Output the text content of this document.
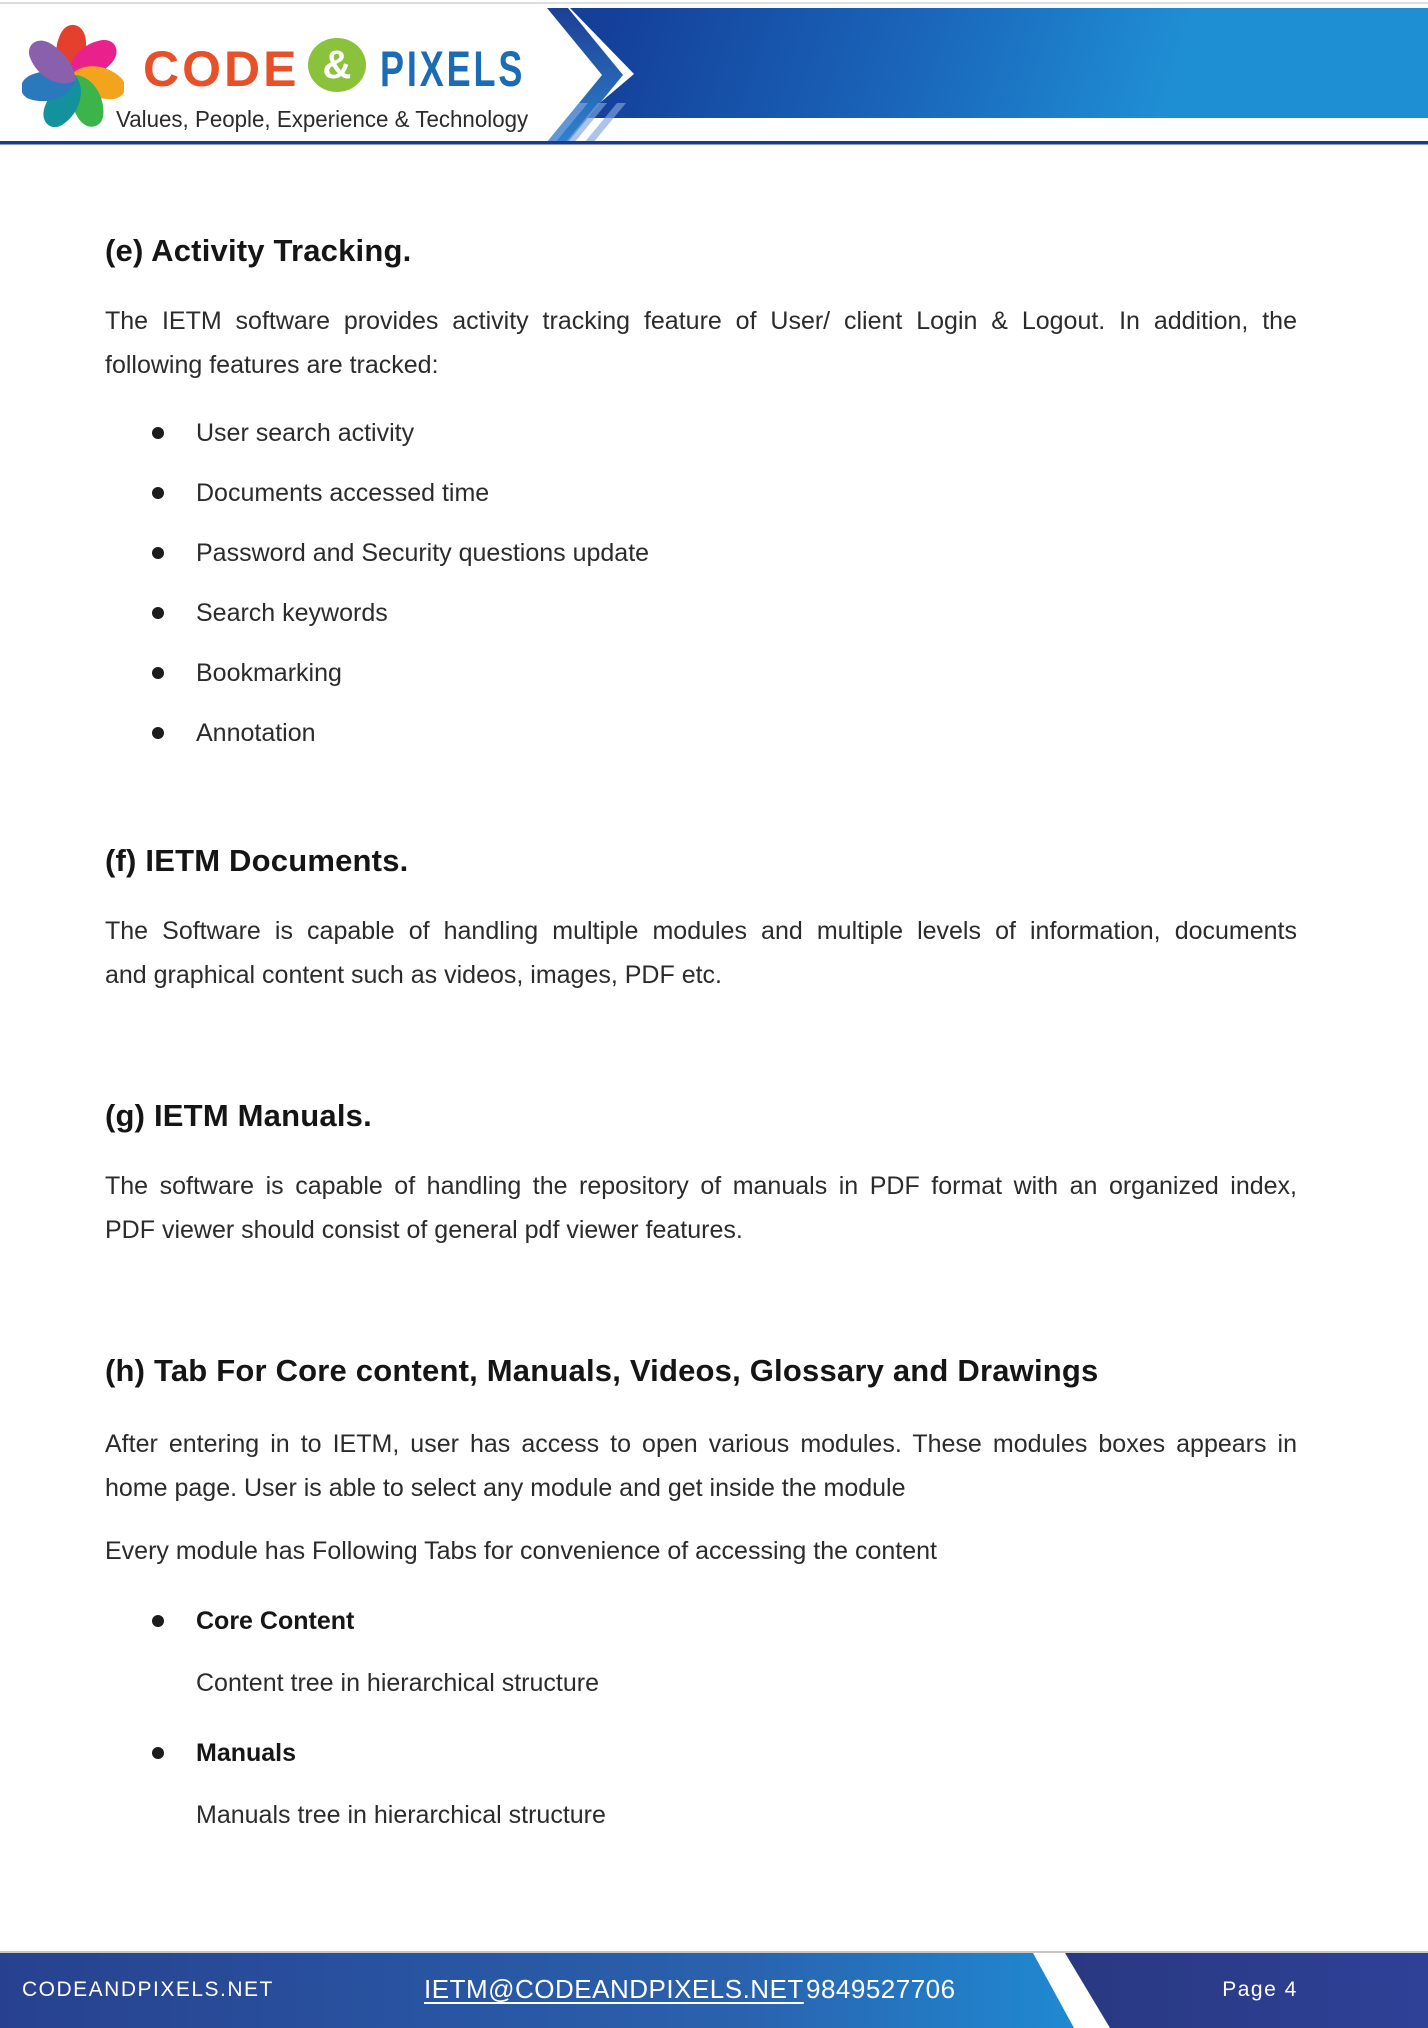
CODE & PIXELS
Values, People, Experience & Technology
(e) Activity Tracking.
The IETM software provides activity tracking feature of User/ client Login & Logout. In addition, the
following features are tracked:
User search activity
Documents accessed time
Password and Security questions update
Search keywords
Bookmarking
Annotation
(f) IETM Documents.
The Software is capable of handling multiple modules and multiple levels of information, documents
and graphical content such as videos, images, PDF etc.
(g) IETM Manuals.
The software is capable of handling the repository of manuals in PDF format with an organized index,
PDF viewer should consist of general pdf viewer features.
(h) Tab For Core content, Manuals, Videos, Glossary and Drawings
After entering in to IETM, user has access to open various modules. These modules boxes appears in
home page. User is able to select any module and get inside the module
Every module has Following Tabs for convenience of accessing the content
Core Content
Content tree in hierarchical structure
Manuals
Manuals tree in hierarchical structure
CODEANDPIXELS.NET	IETM@CODEANDPIXELS.NET 9849527706	Page 4
